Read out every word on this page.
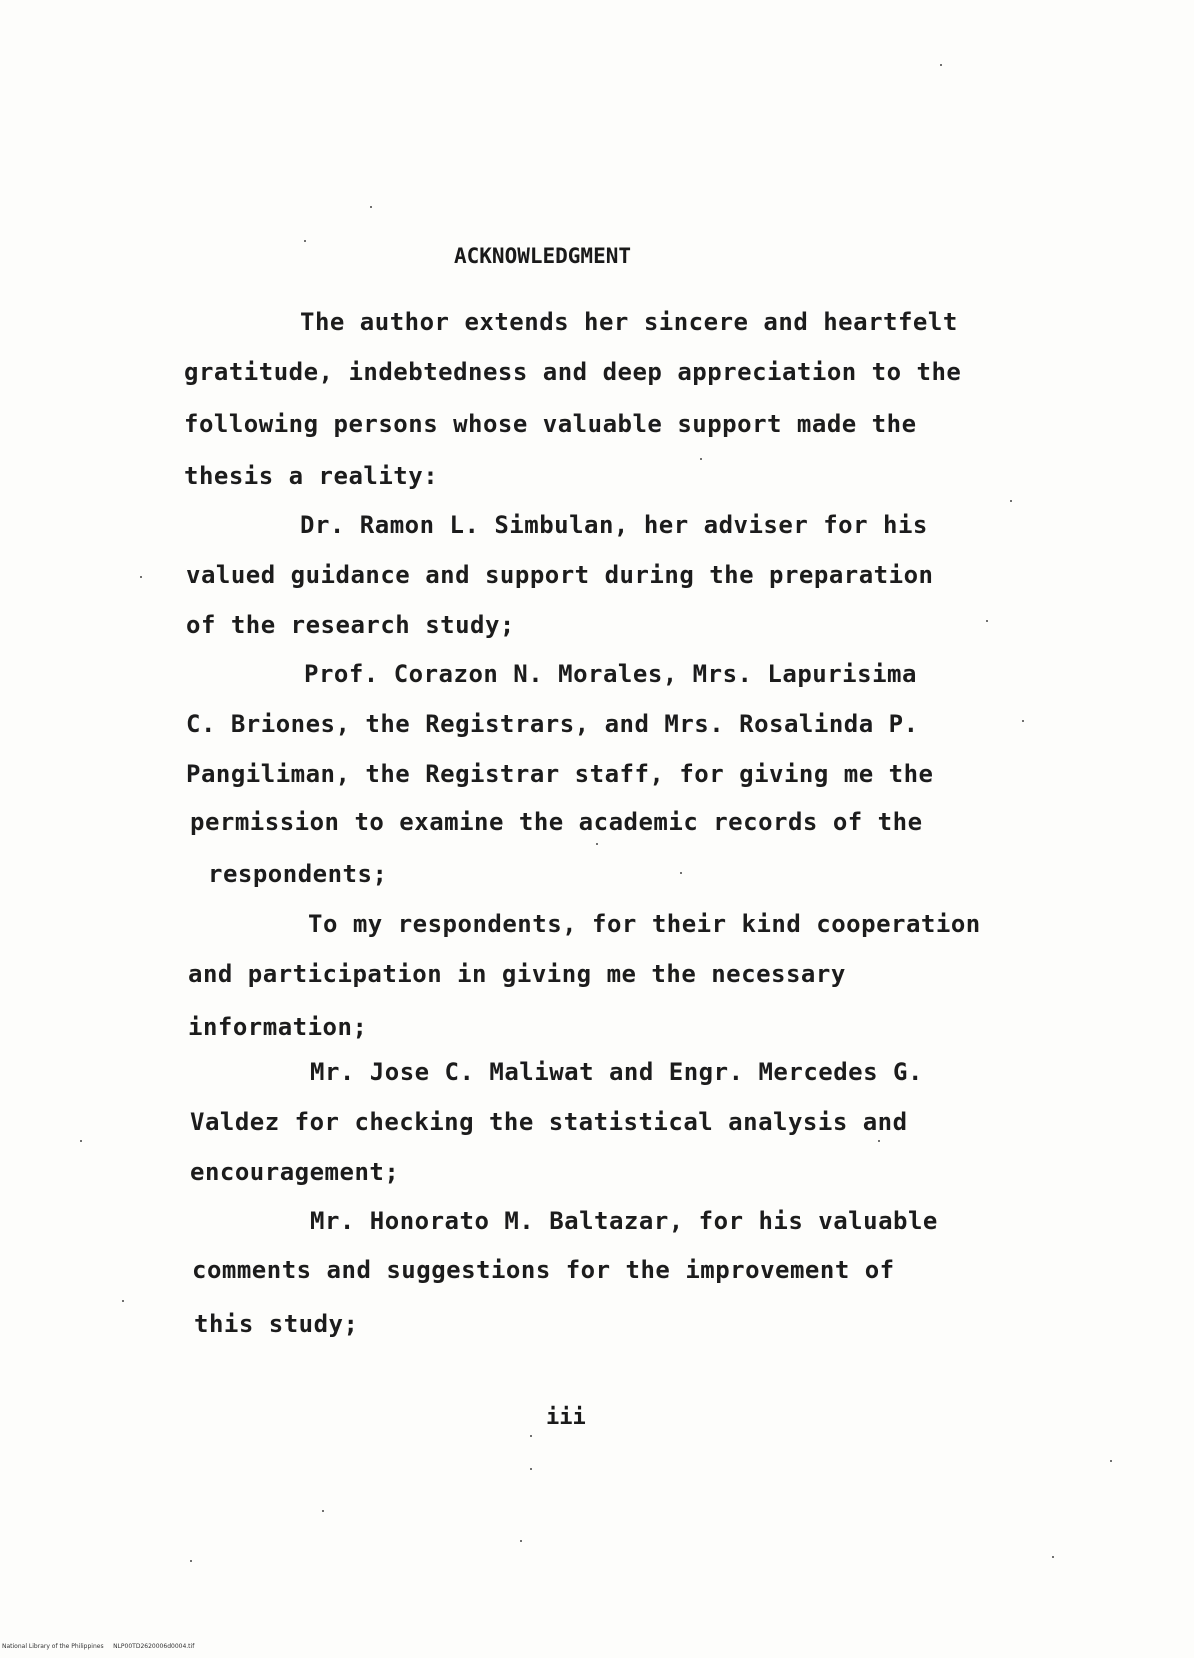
ACKNOWLEDGMENT
The author extends her sincere and heartfelt
gratitude, indebtedness and deep appreciation to the
following persons whose valuable support made the
thesis a reality:
Dr. Ramon L. Simbulan, her adviser for his
valued guidance and support during the preparation
of the research study;
Prof. Corazon N. Morales, Mrs. Lapurisima
C. Briones, the Registrars, and Mrs. Rosalinda P.
Pangiliman, the Registrar staff, for giving me the
permission to examine the academic records of the
respondents;
To my respondents, for their kind cooperation
and participation in giving me the necessary
information;
Mr. Jose C. Maliwat and Engr. Mercedes G.
Valdez for checking the statistical analysis and
encouragement;
Mr. Honorato M. Baltazar, for his valuable
comments and suggestions for the improvement of
this study;
iii
National Library of the Philippines     NLP00TD2620006d0004.tif
